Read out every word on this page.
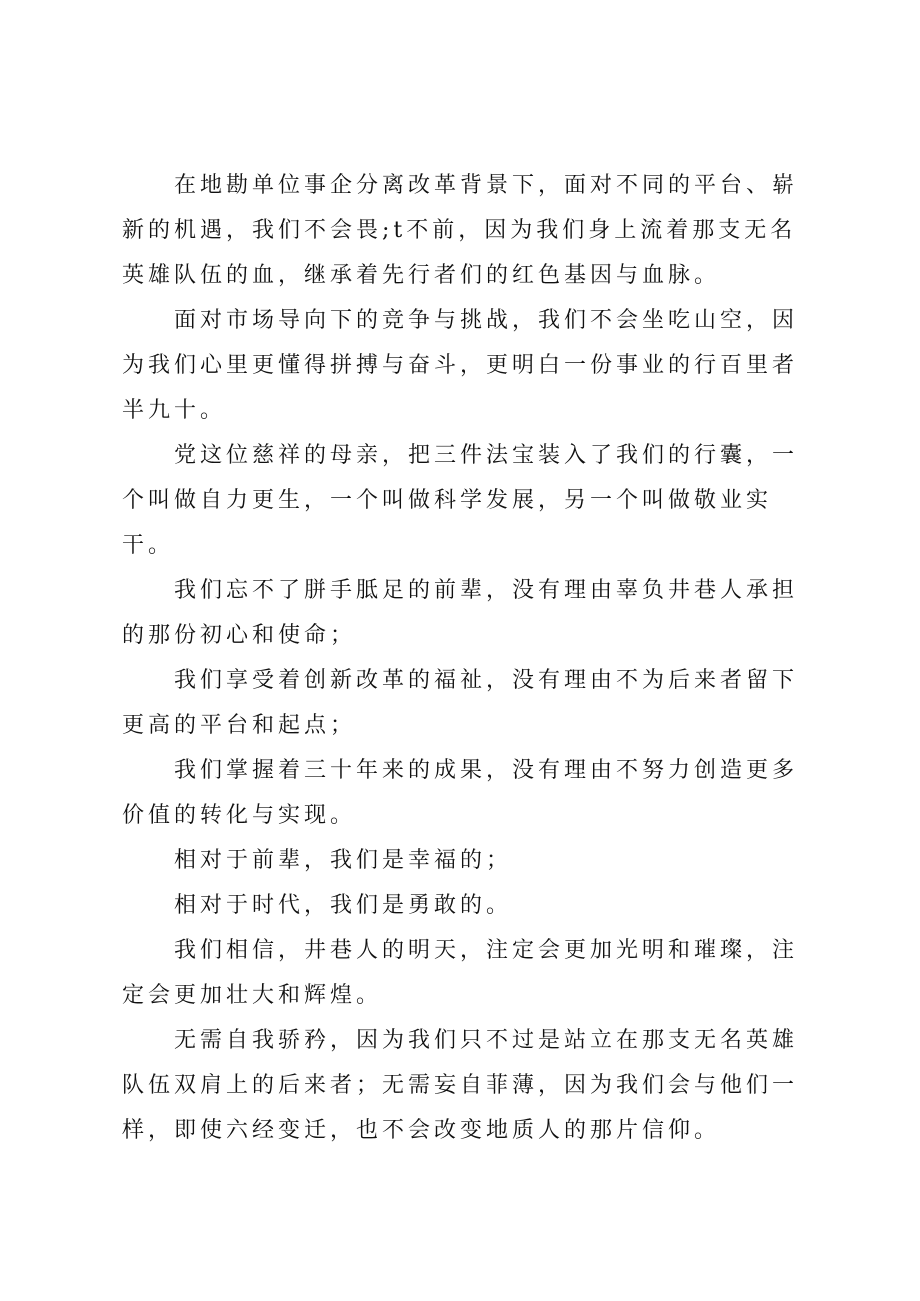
在地勘单位事企分离改革背景下，面对不同的平台、崭新的机遇，我们不会畏;t不前，因为我们身上流着那支无名英雄队伍的血，继承着先行者们的红色基因与血脉。

面对市场导向下的竞争与挑战，我们不会坐吃山空，因为我们心里更懂得拼搏与奋斗，更明白一份事业的行百里者半九十。

党这位慈祥的母亲，把三件法宝装入了我们的行囊，一个叫做自力更生，一个叫做科学发展，另一个叫做敬业实干。

我们忘不了胼手胝足的前辈，没有理由辜负井巷人承担的那份初心和使命；

我们享受着创新改革的福祉，没有理由不为后来者留下更高的平台和起点；

我们掌握着三十年来的成果，没有理由不努力创造更多价值的转化与实现。

相对于前辈，我们是幸福的；

相对于时代，我们是勇敢的。

我们相信，井巷人的明天，注定会更加光明和璀璨，注定会更加壮大和辉煌。

无需自我骄矜，因为我们只不过是站立在那支无名英雄队伍双肩上的后来者；无需妄自菲薄，因为我们会与他们一样，即使六经变迁，也不会改变地质人的那片信仰。
